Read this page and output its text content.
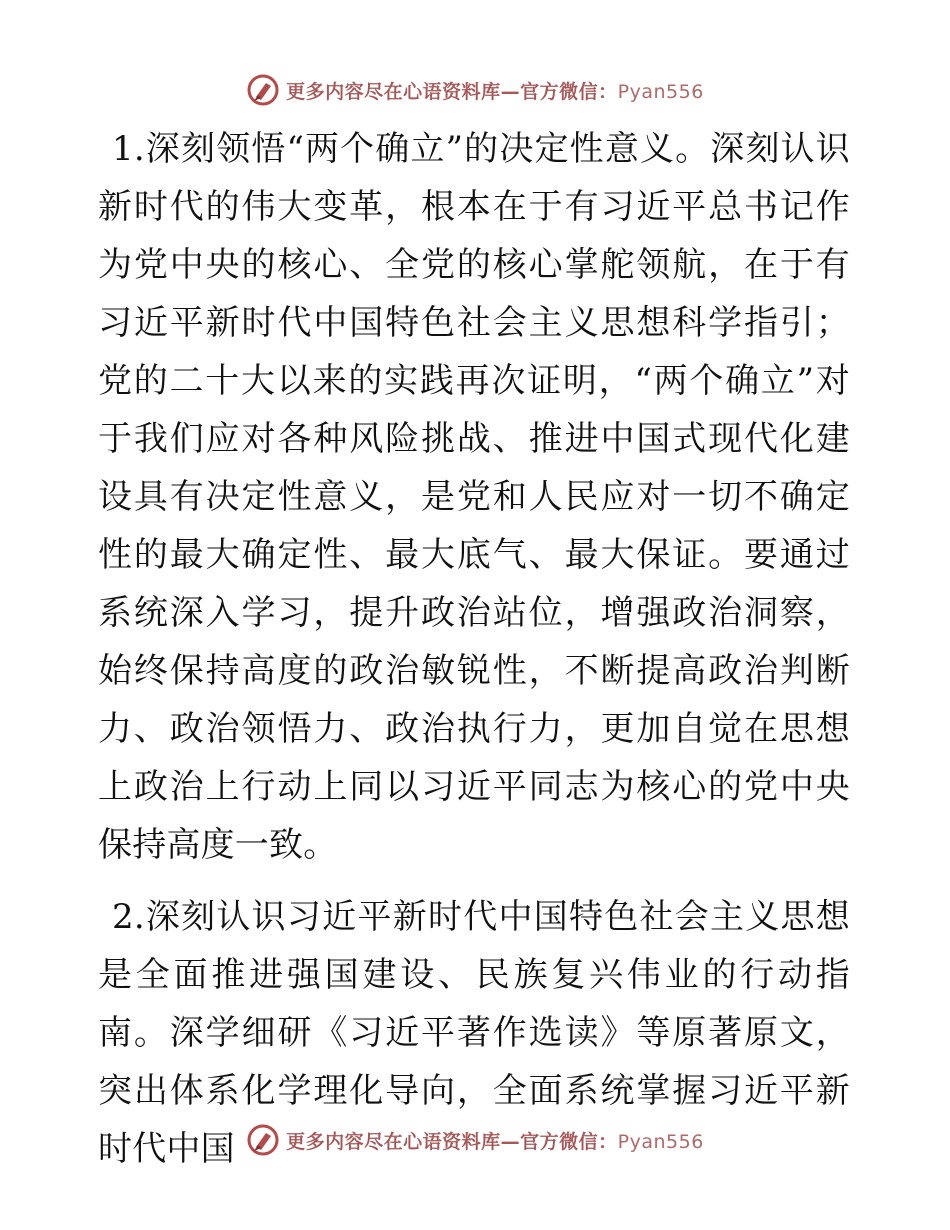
更多内容尽在心语资料库—官方微信：Pyan556

1.深刻领悟“两个确立”的决定性意义。深刻认识新时代的伟大变革，根本在于有习近平总书记作为党中央的核心、全党的核心掌舵领航，在于有习近平新时代中国特色社会主义思想科学指引；党的二十大以来的实践再次证明，“两个确立”对于我们应对各种风险挑战、推进中国式现代化建设具有决定性意义，是党和人民应对一切不确定性的最大确定性、最大底气、最大保证。要通过系统深入学习，提升政治站位，增强政治洞察，始终保持高度的政治敏锐性，不断提高政治判断力、政治领悟力、政治执行力，更加自觉在思想上政治上行动上同以习近平同志为核心的党中央保持高度一致。

2.深刻认识习近平新时代中国特色社会主义思想是全面推进强国建设、民族复兴伟业的行动指南。深学细研《习近平著作选读》等原著原文，突出体系化学理化导向，全面系统掌握习近平新时代中国	更多内容尽在心语资料库—官方微信：Pyan556
